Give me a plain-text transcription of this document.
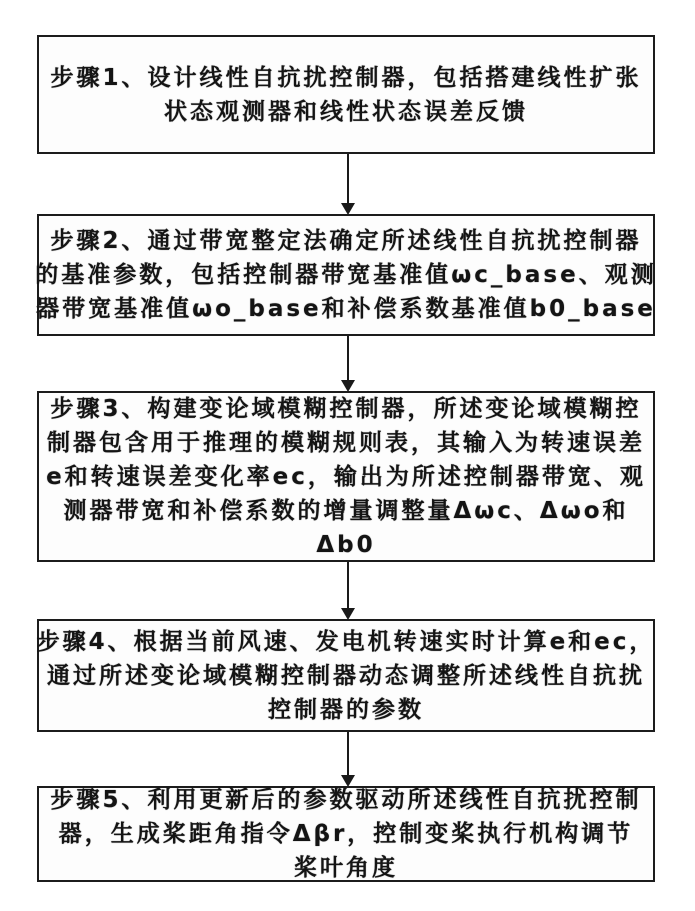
步骤1、设计线性自抗扰控制器，包括搭建线性扩张
状态观测器和线性状态误差反馈
步骤2、通过带宽整定法确定所述线性自抗扰控制器
的基准参数，包括控制器带宽基准值ωc_base、观测
器带宽基准值ωo_base和补偿系数基准值b0_base
步骤3、构建变论域模糊控制器，所述变论域模糊控
制器包含用于推理的模糊规则表，其输入为转速误差
e和转速误差变化率ec，输出为所述控制器带宽、观
测器带宽和补偿系数的增量调整量Δωc、Δωo和
Δb0
步骤4、根据当前风速、发电机转速实时计算e和ec，
通过所述变论域模糊控制器动态调整所述线性自抗扰
控制器的参数
步骤5、利用更新后的参数驱动所述线性自抗扰控制
器，生成桨距角指令Δβr，控制变桨执行机构调节
桨叶角度
